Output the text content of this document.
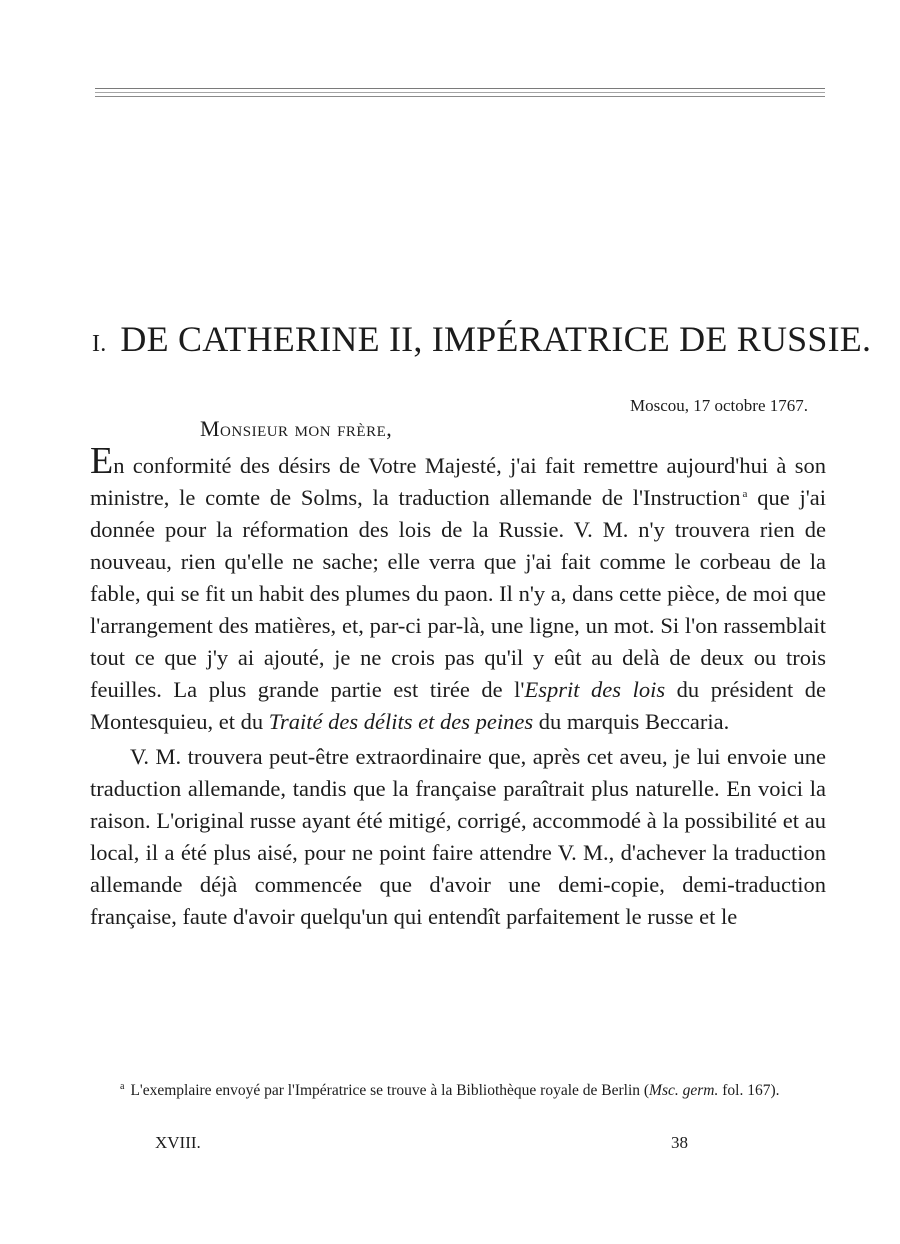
I. DE CATHERINE II, IMPÉRATRICE DE RUSSIE.
Moscou, 17 octobre 1767.
Monsieur mon frère,

En conformité des désirs de Votre Majesté, j'ai fait remettre aujourd'hui à son ministre, le comte de Solms, la traduction allemande de l'Instruction $^a$ que j'ai donnée pour la réformation des lois de la Russie. V. M. n'y trouvera rien de nouveau, rien qu'elle ne sache; elle verra que j'ai fait comme le corbeau de la fable, qui se fit un habit des plumes du paon. Il n'y a, dans cette pièce, de moi que l'arrangement des matières, et, par-ci par-là, une ligne, un mot. Si l'on rassemblait tout ce que j'y ai ajouté, je ne crois pas qu'il y eût au delà de deux ou trois feuilles. La plus grande partie est tirée de l'Esprit des lois du président de Montesquieu, et du Traité des délits et des peines du marquis Beccaria.

V. M. trouvera peut-être extraordinaire que, après cet aveu, je lui envoie une traduction allemande, tandis que la française paraîtrait plus naturelle. En voici la raison. L'original russe ayant été mitigé, corrigé, accommodé à la possibilité et au local, il a été plus aisé, pour ne point faire attendre V. M., d'achever la traduction allemande déjà commencée que d'avoir une demi-copie, demi-traduction française, faute d'avoir quelqu'un qui entendît parfaitement le russe et le

$^a$ L'exemplaire envoyé par l'Impératrice se trouve à la Bibliothèque royale de Berlin (Msc. germ. fol. 167).
XVIII.	38
